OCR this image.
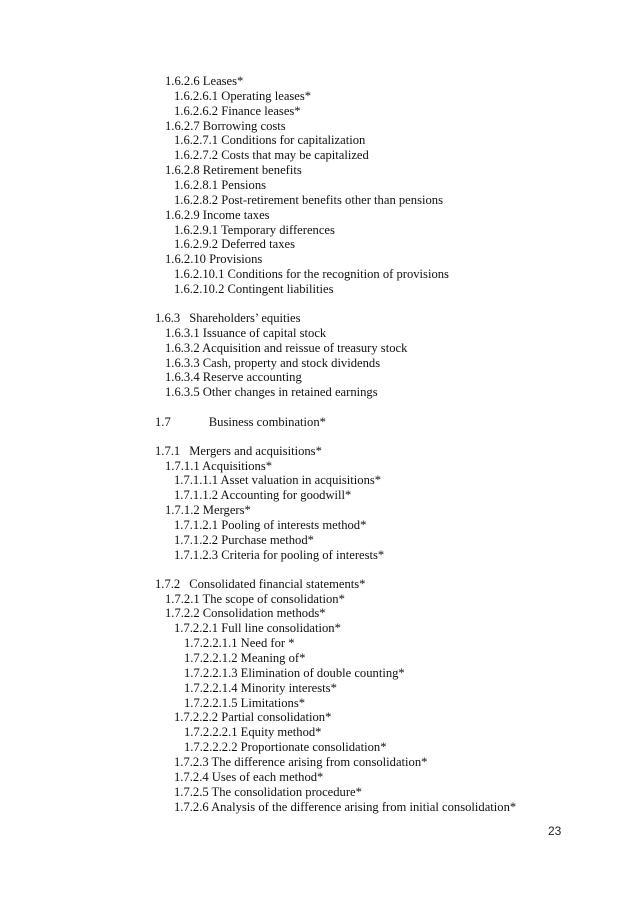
1.6.2.6 Leases*
1.6.2.6.1 Operating leases*
1.6.2.6.2 Finance leases*
1.6.2.7 Borrowing costs
1.6.2.7.1 Conditions for capitalization
1.6.2.7.2 Costs that may be capitalized
1.6.2.8 Retirement benefits
1.6.2.8.1 Pensions
1.6.2.8.2 Post-retirement benefits other than pensions
1.6.2.9 Income taxes
1.6.2.9.1 Temporary differences
1.6.2.9.2 Deferred taxes
1.6.2.10 Provisions
1.6.2.10.1 Conditions for the recognition of provisions
1.6.2.10.2 Contingent liabilities
1.6.3 Shareholders’ equities
1.6.3.1 Issuance of capital stock
1.6.3.2 Acquisition and reissue of treasury stock
1.6.3.3 Cash, property and stock dividends
1.6.3.4 Reserve accounting
1.6.3.5 Other changes in retained earnings
1.7	Business combination*
1.7.1 Mergers and acquisitions*
1.7.1.1 Acquisitions*
1.7.1.1.1 Asset valuation in acquisitions*
1.7.1.1.2 Accounting for goodwill*
1.7.1.2 Mergers*
1.7.1.2.1 Pooling of interests method*
1.7.1.2.2 Purchase method*
1.7.1.2.3 Criteria for pooling of interests*
1.7.2 Consolidated financial statements*
1.7.2.1 The scope of consolidation*
1.7.2.2 Consolidation methods*
1.7.2.2.1 Full line consolidation*
1.7.2.2.1.1 Need for *
1.7.2.2.1.2 Meaning of*
1.7.2.2.1.3 Elimination of double counting*
1.7.2.2.1.4 Minority interests*
1.7.2.2.1.5 Limitations*
1.7.2.2.2 Partial consolidation*
1.7.2.2.2.1 Equity method*
1.7.2.2.2.2 Proportionate consolidation*
1.7.2.3 The difference arising from consolidation*
1.7.2.4 Uses of each method*
1.7.2.5 The consolidation procedure*
1.7.2.6 Analysis of the difference arising from initial consolidation*
23
